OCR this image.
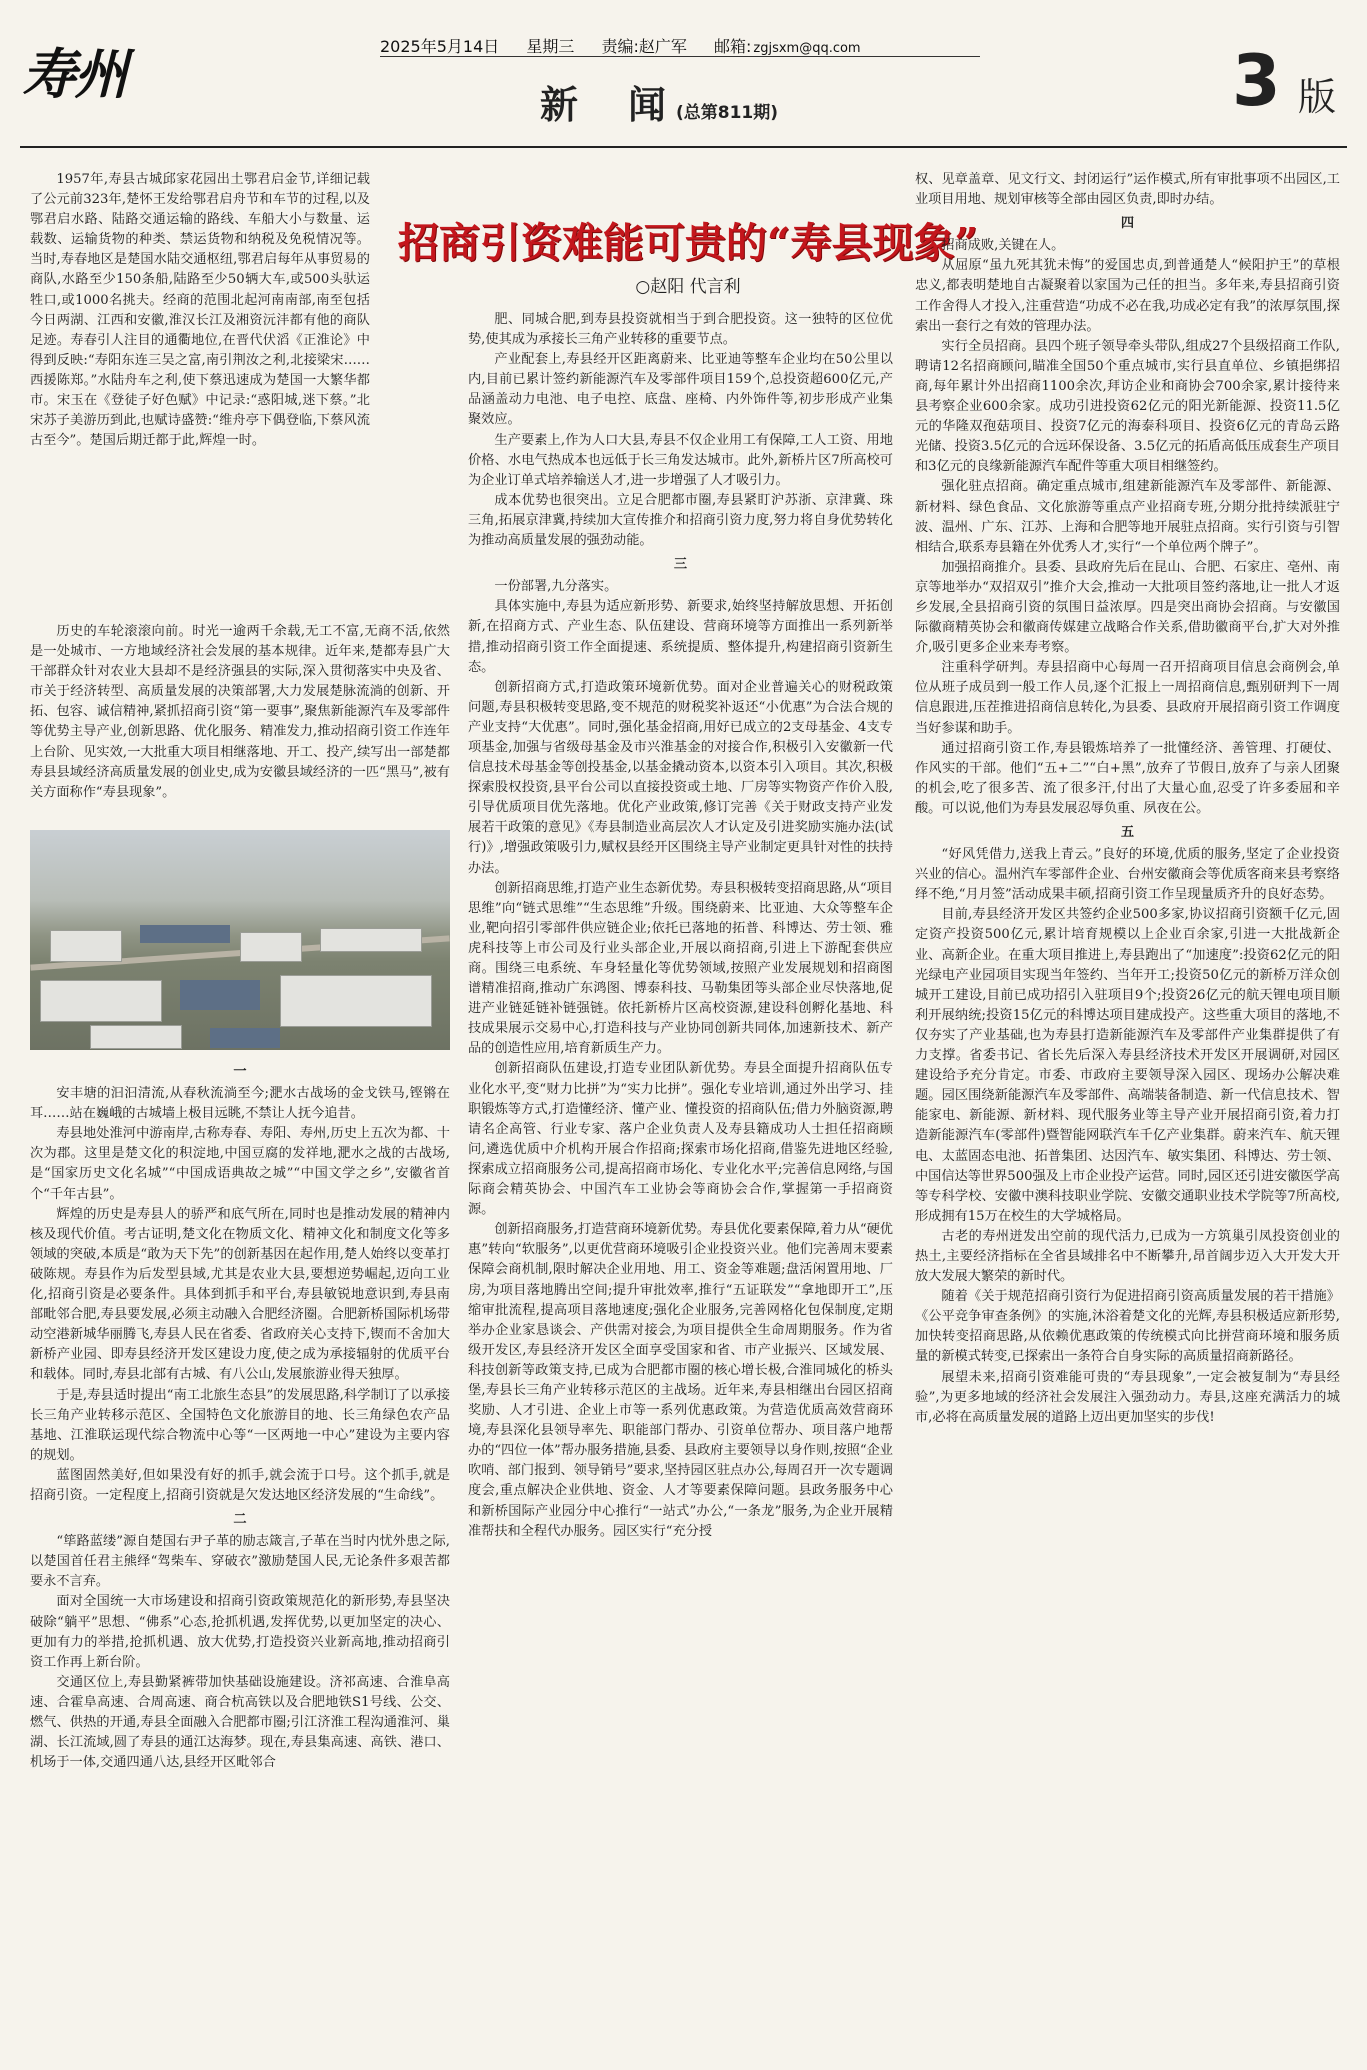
寿州	2025年5月14日 星期三 责编:赵广军 邮箱: zgjsxm@qq.com
新　闻 (总第811期)	3 版
招商引资难能可贵的“寿县现象”
○赵阳 代言利

1957年,寿县古城邱家花园出土鄂君启金节,详细记载了公元前323年,楚怀王发给鄂君启舟节和车节的过程,以及鄂君启水路、陆路交通运输的路线、车船大小与数量、运载数、运输货物的种类、禁运货物和纳税及免税情况等。当时,寿春地区是楚国水陆交通枢纽,鄂君启每年从事贸易的商队,水路至少150条船,陆路至少50辆大车,或500头驮运牲口,或1000名挑夫。经商的范围北起河南南部,南至包括今日两湖、江西和安徽,淮汉长江及湘资沅沣都有他的商队足迹。寿春引人注目的通衢地位,在晋代伏滔《正淮论》中得到反映:“寿阳东连三吴之富,南引荆汝之利,北接梁宋……西援陈郑。”水陆舟车之利,使下蔡迅速成为楚国一大繁华都市。宋玉在《登徒子好色赋》中记录:“惑阳城,迷下蔡。”北宋苏子美游历到此,也赋诗盛赞:“维舟亭下偶登临,下蔡风流古至今”。楚国后期迁都于此,辉煌一时。

历史的车轮滚滚向前。时光一逾两千余载,无工不富,无商不活,依然是一处城市、一方地域经济社会发展的基本规律。近年来,楚都寿县广大干部群众针对农业大县却不是经济强县的实际,深入贯彻落实中央及省、市关于经济转型、高质量发展的决策部署,大力发展楚脉流淌的创新、开拓、包容、诚信精神,紧抓招商引资“第一要事”,聚焦新能源汽车及零部件等优势主导产业,创新思路、优化服务、精准发力,推动招商引资工作连年上台阶、见实效,一大批重大项目相继落地、开工、投产,续写出一部楚都寿县县域经济高质量发展的创业史,成为安徽县域经济的一匹“黑马”,被有关方面称作“寿县现象”。

一

安丰塘的汩汩清流,从春秋流淌至今;淝水古战场的金戈铁马,铿锵在耳……站在巍峨的古城墙上极目远眺,不禁让人抚今追昔。

寿县地处淮河中游南岸,古称寿春、寿阳、寿州,历史上五次为都、十次为郡。这里是楚文化的积淀地,中国豆腐的发祥地,淝水之战的古战场,是“国家历史文化名城”“中国成语典故之城”“中国文学之乡”,安徽省首个“千年古县”。

辉煌的历史是寿县人的骄严和底气所在,同时也是推动发展的精神内核及现代价值。考古证明,楚文化在物质文化、精神文化和制度文化等多领域的突破,本质是“敢为天下先”的创新基因在起作用,楚人始终以变革打破陈规。寿县作为后发型县域,尤其是农业大县,要想逆势崛起,迈向工业化,招商引资是必要条件。具体到抓手和平台,寿县敏锐地意识到,寿县南部毗邻合肥,寿县要发展,必须主动融入合肥经济圈。合肥新桥国际机场带动空港新城华丽腾飞,寿县人民在省委、省政府关心支持下,锲而不舍加大新桥产业园、即寿县经济开发区建设力度,使之成为承接辐射的优质平台和载体。同时,寿县北部有古城、有八公山,发展旅游业得天独厚。

于是,寿县适时提出“南工北旅生态县”的发展思路,科学制订了以承接长三角产业转移示范区、全国特色文化旅游目的地、长三角绿色农产品基地、江淮联运现代综合物流中心等“一区两地一中心”建设为主要内容的规划。

蓝图固然美好,但如果没有好的抓手,就会流于口号。这个抓手,就是招商引资。一定程度上,招商引资就是欠发达地区经济发展的“生命线”。

二

“筚路蓝缕”源自楚国右尹子革的励志箴言,子革在当时内忧外患之际,以楚国首任君主熊绎“驾柴车、穿破衣”激励楚国人民,无论条件多艰苦都要永不言弃。

面对全国统一大市场建设和招商引资政策规范化的新形势,寿县坚决破除“躺平”思想、“佛系”心态,抢抓机遇,发挥优势,以更加坚定的决心、更加有力的举措,抢抓机遇、放大优势,打造投资兴业新高地,推动招商引资工作再上新台阶。

交通区位上,寿县勤紧裤带加快基础设施建设。济祁高速、合淮阜高速、合霍阜高速、合周高速、商合杭高铁以及合肥地铁S1号线、公交、燃气、供热的开通,寿县全面融入合肥都市圈;引江济淮工程沟通淮河、巢湖、长江流域,圆了寿县的通江达海梦。现在,寿县集高速、高铁、港口、机场于一体,交通四通八达,县经开区毗邻合

肥、同城合肥,到寿县投资就相当于到合肥投资。这一独特的区位优势,使其成为承接长三角产业转移的重要节点。

产业配套上,寿县经开区距离蔚来、比亚迪等整车企业均在50公里以内,目前已累计签约新能源汽车及零部件项目159个,总投资超600亿元,产品涵盖动力电池、电子电控、底盘、座椅、内外饰件等,初步形成产业集聚效应。

生产要素上,作为人口大县,寿县不仅企业用工有保障,工人工资、用地价格、水电气热成本也远低于长三角发达城市。此外,新桥片区7所高校可为企业订单式培养输送人才,进一步增强了人才吸引力。

成本优势也很突出。立足合肥都市圈,寿县紧盯沪苏浙、京津冀、珠三角,拓展京津冀,持续加大宣传推介和招商引资力度,努力将自身优势转化为推动高质量发展的强劲动能。

三

一份部署,九分落实。

具体实施中,寿县为适应新形势、新要求,始终坚持解放思想、开拓创新,在招商方式、产业生态、队伍建设、营商环境等方面推出一系列新举措,推动招商引资工作全面提速、系统提质、整体提升,构建招商引资新生态。

创新招商方式,打造政策环境新优势。面对企业普遍关心的财税政策问题,寿县积极转变思路,变不规范的财税奖补返还“小优惠”为合法合规的产业支持“大优惠”。同时,强化基金招商,用好已成立的2支母基金、4支专项基金,加强与省级母基金及市兴淮基金的对接合作,积极引入安徽新一代信息技术母基金等创投基金,以基金撬动资本,以资本引入项目。其次,积极探索股权投资,县平台公司以直接投资或土地、厂房等实物资产作价入股,引导优质项目优先落地。优化产业政策,修订完善《关于财政支持产业发展若干政策的意见》《寿县制造业高层次人才认定及引进奖励实施办法(试行)》,增强政策吸引力,赋权县经开区围绕主导产业制定更具针对性的扶持办法。

创新招商思维,打造产业生态新优势。寿县积极转变招商思路,从“项目思维”向“链式思维”“生态思维”升级。围绕蔚来、比亚迪、大众等整车企业,靶向招引零部件供应链企业;依托已落地的拓普、科博达、劳士领、雅虎科技等上市公司及行业头部企业,开展以商招商,引进上下游配套供应商。围绕三电系统、车身轻量化等优势领域,按照产业发展规划和招商图谱精准招商,推动广东鸿图、博泰科技、马勒集团等头部企业尽快落地,促进产业链延链补链强链。依托新桥片区高校资源,建设科创孵化基地、科技成果展示交易中心,打造科技与产业协同创新共同体,加速新技术、新产品的创造性应用,培育新质生产力。

创新招商队伍建设,打造专业团队新优势。寿县全面提升招商队伍专业化水平,变“财力比拼”为“实力比拼”。强化专业培训,通过外出学习、挂职锻炼等方式,打造懂经济、懂产业、懂投资的招商队伍;借力外脑资源,聘请名企高管、行业专家、落户企业负责人及寿县籍成功人士担任招商顾问,遴选优质中介机构开展合作招商;探索市场化招商,借鉴先进地区经验,探索成立招商服务公司,提高招商市场化、专业化水平;完善信息网络,与国际商会精英协会、中国汽车工业协会等商协会合作,掌握第一手招商资源。

创新招商服务,打造营商环境新优势。寿县优化要素保障,着力从“硬优惠”转向“软服务”,以更优营商环境吸引企业投资兴业。他们完善周末要素保障会商机制,限时解决企业用地、用工、资金等难题;盘活闲置用地、厂房,为项目落地腾出空间;提升审批效率,推行“五证联发”“拿地即开工”,压缩审批流程,提高项目落地速度;强化企业服务,完善网格化包保制度,定期举办企业家恳谈会、产供需对接会,为项目提供全生命周期服务。作为省级开发区,寿县经济开发区全面享受国家和省、市产业振兴、区域发展、科技创新等政策支持,已成为合肥都市圈的核心增长极,合淮同城化的桥头堡,寿县长三角产业转移示范区的主战场。近年来,寿县相继出台园区招商奖励、人才引进、企业上市等一系列优惠政策。为营造优质高效营商环境,寿县深化县领导率先、职能部门帮办、引资单位帮办、项目落户地帮办的“四位一体”帮办服务措施,县委、县政府主要领导以身作则,按照“企业吹哨、部门报到、领导销号”要求,坚持园区驻点办公,每周召开一次专题调度会,重点解决企业供地、资金、人才等要素保障问题。县政务服务中心和新桥国际产业园分中心推行“一站式”办公,“一条龙”服务,为企业开展精准帮扶和全程代办服务。园区实行“充分授

权、见章盖章、见文行文、封闭运行”运作模式,所有审批事项不出园区,工业项目用地、规划审核等全部由园区负责,即时办结。

四

招商成败,关键在人。

从屈原“虽九死其犹未悔”的爱国忠贞,到普通楚人“候阳护王”的草根忠义,都表明楚地自古凝聚着以家国为己任的担当。多年来,寿县招商引资工作舍得人才投入,注重营造“功成不必在我,功成必定有我”的浓厚氛围,探索出一套行之有效的管理办法。

实行全员招商。县四个班子领导牵头带队,组成27个县级招商工作队,聘请12名招商顾问,瞄准全国50个重点城市,实行县直单位、乡镇挹绑招商,每年累计外出招商1100余次,拜访企业和商协会700余家,累计接待来县考察企业600余家。成功引进投资62亿元的阳光新能源、投资11.5亿元的华隆双孢菇项目、投资7亿元的海泰科项目、投资6亿元的青岛云路光储、投资3.5亿元的合远环保设备、3.5亿元的拓盾高低压成套生产项目和3亿元的良缘新能源汽车配件等重大项目相继签约。

强化驻点招商。确定重点城市,组建新能源汽车及零部件、新能源、新材料、绿色食品、文化旅游等重点产业招商专班,分期分批持续派驻宁波、温州、广东、江苏、上海和合肥等地开展驻点招商。实行引资与引智相结合,联系寿县籍在外优秀人才,实行“一个单位两个牌子”。

加强招商推介。县委、县政府先后在昆山、合肥、石家庄、亳州、南京等地举办“双招双引”推介大会,推动一大批项目签约落地,让一批人才返乡发展,全县招商引资的氛围日益浓厚。四是突出商协会招商。与安徽国际徽商精英协会和徽商传媒建立战略合作关系,借助徽商平台,扩大对外推介,吸引更多企业来寿考察。

注重科学研判。寿县招商中心每周一召开招商项目信息会商例会,单位从班子成员到一般工作人员,逐个汇报上一周招商信息,甄别研判下一周信息跟进,压茬推进招商信息转化,为县委、县政府开展招商引资工作调度当好参谋和助手。

通过招商引资工作,寿县锻炼培养了一批懂经济、善管理、打硬仗、作风实的干部。他们“五+二”“白+黑”,放弃了节假日,放弃了与亲人团聚的机会,吃了很多苦、流了很多汗,付出了大量心血,忍受了许多委屈和辛酸。可以说,他们为寿县发展忍辱负重、夙夜在公。

五

“好风凭借力,送我上青云。”良好的环境,优质的服务,坚定了企业投资兴业的信心。温州汽车零部件企业、台州安徽商会等优质客商来县考察络绎不绝,“月月签”活动成果丰硕,招商引资工作呈现量质齐升的良好态势。

目前,寿县经济开发区共签约企业500多家,协议招商引资额千亿元,固定资产投资500亿元,累计培育规模以上企业百余家,引进一大批战新企业、高新企业。在重大项目推进上,寿县跑出了“加速度”:投资62亿元的阳光绿电产业园项目实现当年签约、当年开工;投资50亿元的新桥万洋众创城开工建设,目前已成功招引入驻项目9个;投资26亿元的航天锂电项目顺利开展纳统;投资15亿元的科博达项目建成投产。这些重大项目的落地,不仅夯实了产业基础,也为寿县打造新能源汽车及零部件产业集群提供了有力支撑。省委书记、省长先后深入寿县经济技术开发区开展调研,对园区建设给予充分肯定。市委、市政府主要领导深入园区、现场办公解决难题。园区围绕新能源汽车及零部件、高端装备制造、新一代信息技术、智能家电、新能源、新材料、现代服务业等主导产业开展招商引资,着力打造新能源汽车(零部件)暨智能网联汽车千亿产业集群。蔚来汽车、航天锂电、太蓝固态电池、拓普集团、达因汽车、敏实集团、科博达、劳士领、中国信达等世界500强及上市企业投产运营。同时,园区还引进安徽医学高等专科学校、安徽中澳科技职业学院、安徽交通职业技术学院等7所高校,形成拥有15万在校生的大学城格局。

古老的寿州迸发出空前的现代活力,已成为一方筑巢引凤投资创业的热土,主要经济指标在全省县域排名中不断攀升,昂首阔步迈入大开发大开放大发展大繁荣的新时代。

随着《关于规范招商引资行为促进招商引资高质量发展的若干措施》《公平竞争审查条例》的实施,沐浴着楚文化的光辉,寿县积极适应新形势,加快转变招商思路,从依赖优惠政策的传统模式向比拼营商环境和服务质量的新模式转变,已探索出一条符合自身实际的高质量招商新路径。

展望未来,招商引资难能可贵的“寿县现象”,一定会被复制为“寿县经验”,为更多地域的经济社会发展注入强劲动力。寿县,这座充满活力的城市,必将在高质量发展的道路上迈出更加坚实的步伐!
